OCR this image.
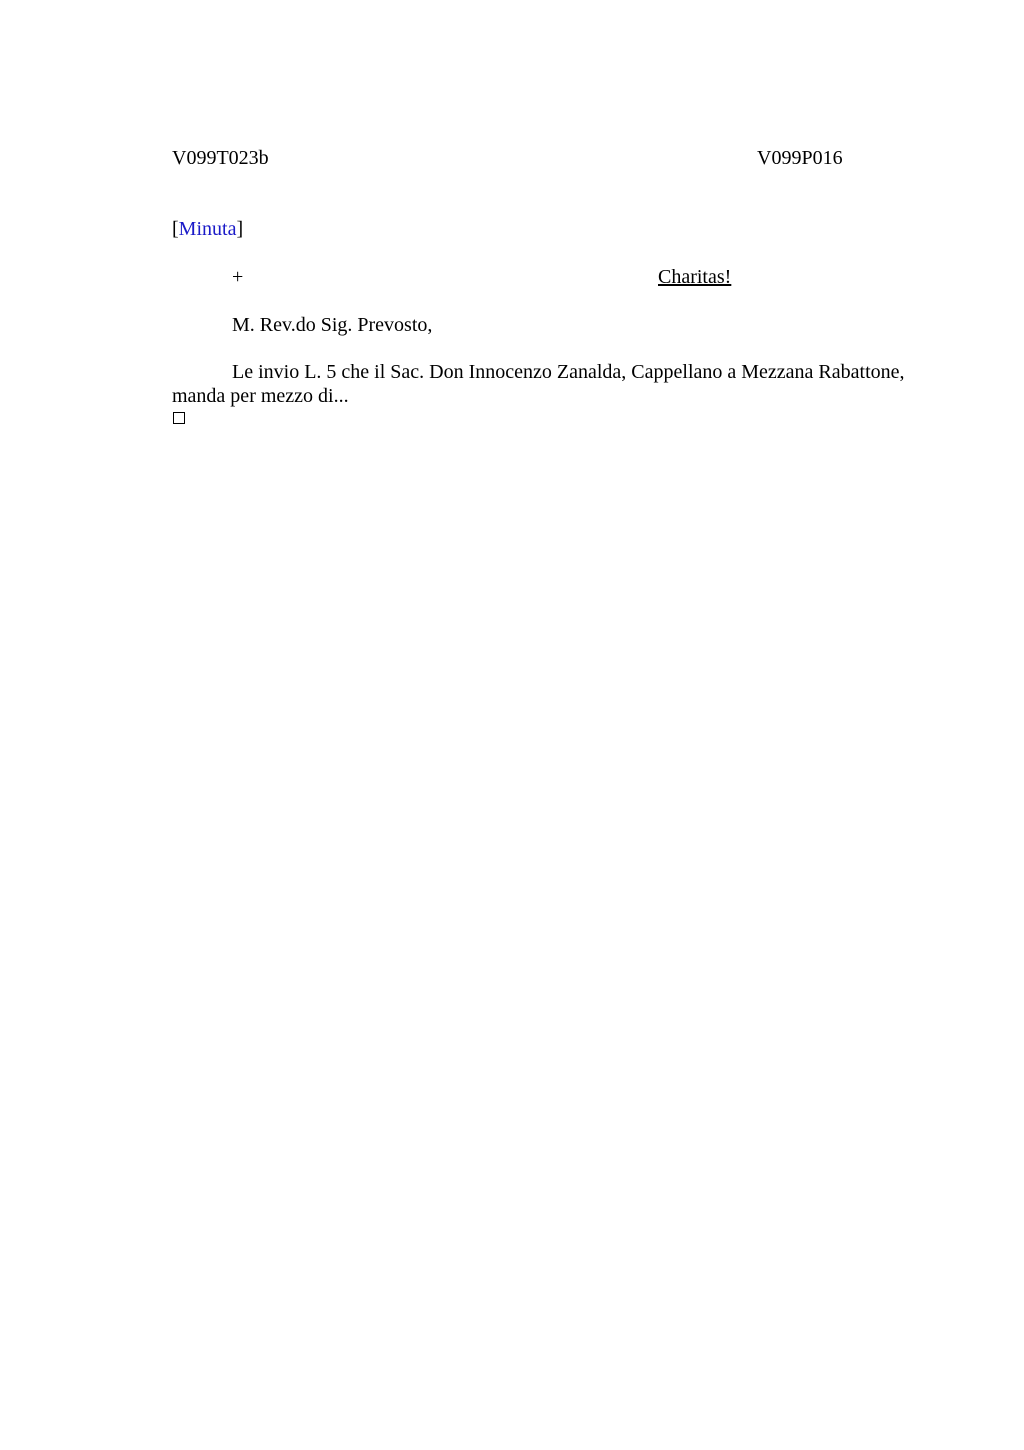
V099T023b	V099P016
[Minuta]
+	Charitas!
M. Rev.do Sig. Prevosto,
Le invio L. 5 che il Sac. Don Innocenzo Zanalda, Cappellano a Mezzana Rabattone, manda per mezzo di...
